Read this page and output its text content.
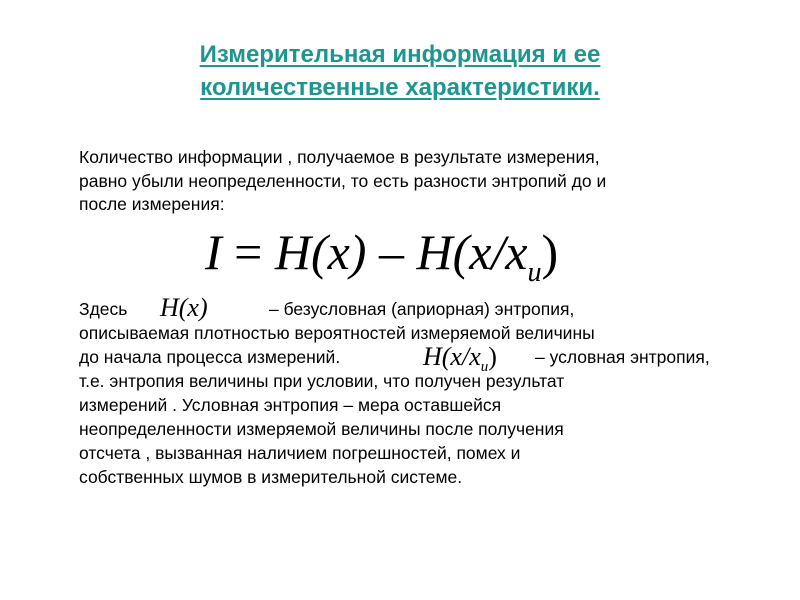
Измерительная информация и ее
количественные характеристики.
Количество информации , получаемое в результате измерения,
равно убыли неопределенности, то есть разности энтропий до и
после измерения:
$I = H(x) - H(x/x_и)$
Здесь	– безусловная (априорная) энтропия,
описываемая плотностью вероятностей измеряемой величины
до начала процесса измерений.	– условная энтропия,
т.е. энтропия величины при условии, что получен результат
измерений . Условная энтропия – мера оставшейся
неопределенности измеряемой величины после получения
отсчета , вызванная наличием погрешностей, помех и
собственных шумов в измерительной системе.
H(x)
$H(x/x_и)$
